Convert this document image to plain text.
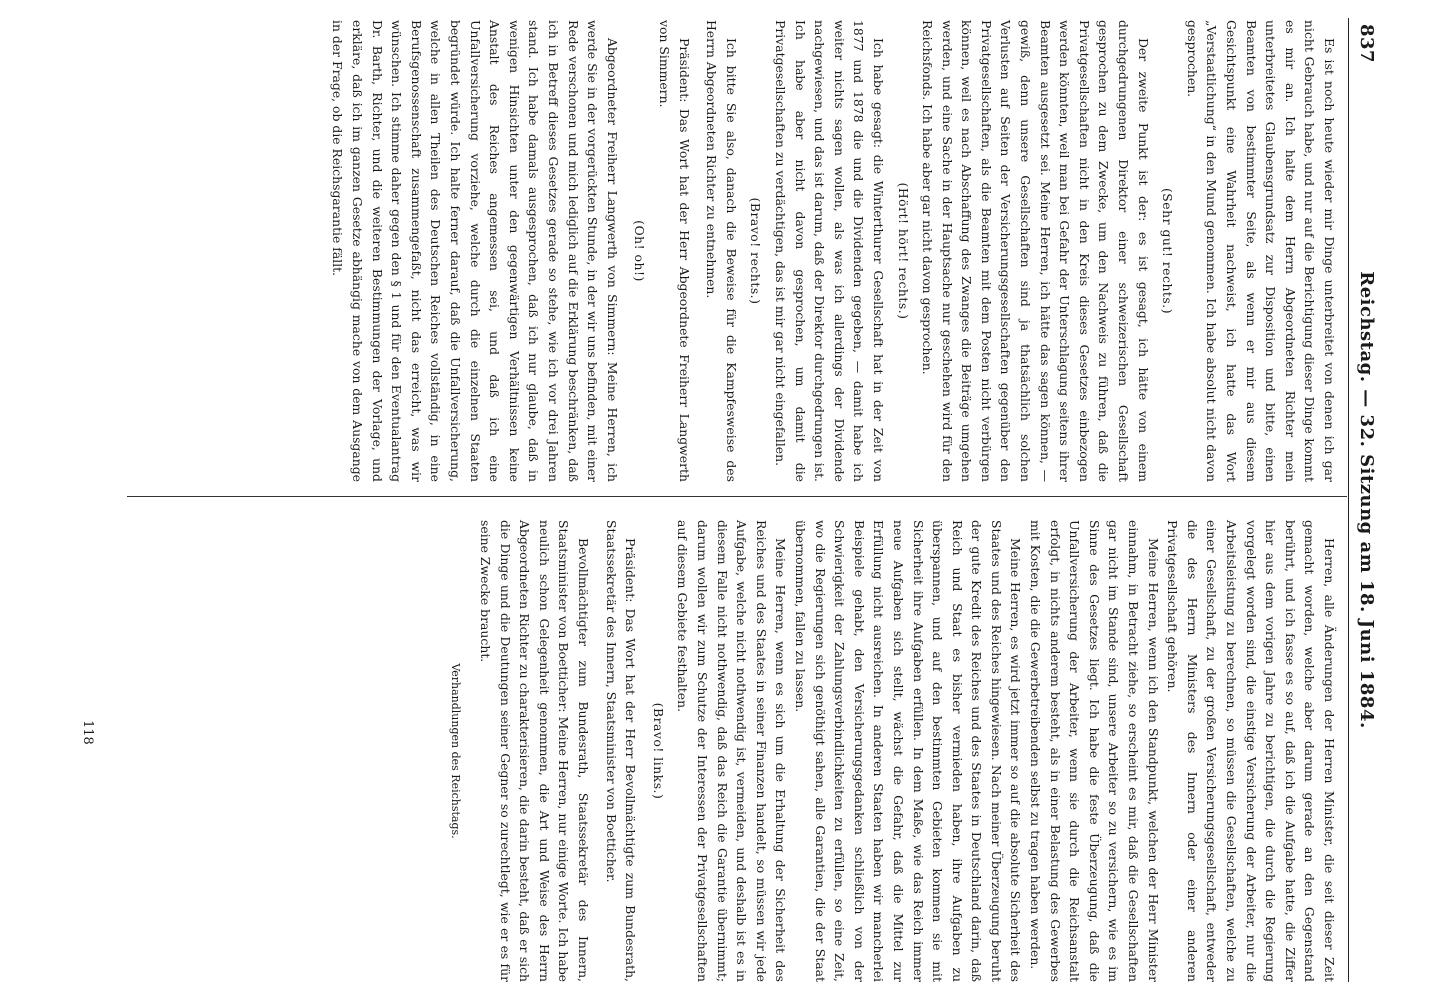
837
Reichstag. — 32. Sitzung am 18. Juni 1884.

Es ist noch heute wieder mir Dinge unterbreitet von denen ich gar nicht Gebrauch habe, und nur auf die Berichtigung dieser Dinge kommt es mir an. Ich halte dem Herrn Abgeordneten Richter mein unterbreitetes Glaubensgrundsatz zur Disposition und bitte, einen Beamten von bestimmter Seite, als wenn er mir aus diesem Gesichtspunkt eine Wahrheit nachweist, ich hatte das Wort „Verstaatlichung“ in den Mund genommen. Ich habe absolut nicht davon gesprochen.

(Sehr gut! rechts.)

Der zweite Punkt ist der: es ist gesagt, ich hätte von einem durchgedrungenen Direktor einer schweizerischen Gesellschaft gesprochen zu dem Zwecke, um den Nachweis zu führen, daß die Privatgesellschaften nicht in den Kreis dieses Gesetzes einbezogen werden könnten, weil man bei Gefahr der Unterschlagung seitens ihrer Beamten ausgesetzt sei. Meine Herren, ich hätte das sagen können, — gewiß, denn unsere Gesellschaften sind ja thatsächlich solchen Verlusten auf Seiten der Versicherungsgesellschaften gegenüber den Privatgesellschaften, als die Beamten mit dem Posten nicht verbürgen können, weil es nach Abschaffung des Zwanges die Beiträge umgehen werden, und eine Sache in der Hauptsache nur geschehen wird für den Reichsfonds. Ich habe aber gar nicht davon gesprochen.

(Hört! hört! rechts.)

Ich habe gesagt: die Winterthurer Gesellschaft hat in der Zeit von 1877 und 1878 die und die Dividenden gegeben, — damit habe ich weiter nichts sagen wollen, als was ich allerdings der Dividende nachgewiesen, und das ist darum, daß der Direktor durchgedrungen ist. Ich habe aber nicht davon gesprochen, um damit die Privatgesellschaften zu verdächtigen, das ist mir gar nicht eingefallen.

(Bravo! rechts.)

Ich bitte Sie also, danach die Beweise für die Kampfesweise des Herrn Abgeordneten Richter zu entnehmen.

Präsident: Das Wort hat der Herr Abgeordnete Freiherr Langwerth von Simmern.

(Oh! oh!)

Abgeordneter Freiherr Langwerth von Simmern: Meine Herren, ich werde Sie in der vorgerückten Stunde, in der wir uns befinden, mit einer Rede verschonen und mich lediglich auf die Erklärung beschränken, daß ich in Betreff dieses Gesetzes gerade so stehe, wie ich vor drei Jahren stand. Ich habe damals ausgesprochen, daß ich nur glaube, daß in wenigen Hinsichten unter den gegenwärtigen Verhältnissen keine Anstalt des Reiches angemessen sei, und daß ich eine Unfallversicherung vorziehe, welche durch die einzelnen Staaten begründet würde. Ich halte ferner darauf, daß die Unfallversicherung, welche in allen Theilen des Deutschen Reiches vollständig, in eine Berufsgenossenschaft zusammengefaßt, nicht das erreicht, was wir wünschen. Ich stimme daher gegen den § 1 und für den Eventualantrag Dr. Barth, Richter, und die weiteren Bestimmungen der Vorlage, und erkläre, daß ich im ganzen Gesetze abhängig mache von dem Ausgange in der Frage, ob die Reichsgarantie fällt.

Herren, alle Änderungen der Herren Minister, die seit dieser Zeit gemacht worden, welche aber darum gerade an den Gegenstand berührt, und ich fasse es so auf, daß ich die Aufgabe hatte, die Ziffer hier aus dem vorigen Jahre zu berichtigen, die durch die Regierung vorgelegt worden sind, die einstige Versicherung der Arbeiter, nur die Arbeitsleistung zu berechnen, so müssen die Gesellschaften, welche zu einer Gesellschaft, zu der großen Versicherungsgesellschaft, entweder die des Herrn Ministers des Innern oder einer anderen Privatgesellschaft gehören.

Meine Herren, wenn ich den Standpunkt, welchen der Herr Minister einnahm, in Betracht ziehe, so erscheint es mir, daß die Gesellschaften gar nicht im Stande sind, unsere Arbeiter so zu versichern, wie es im Sinne des Gesetzes liegt. Ich habe die feste Überzeugung, daß die Unfallversicherung der Arbeiter, wenn sie durch die Reichsanstalt erfolgt, in nichts anderem besteht, als in einer Belastung des Gewerbes mit Kosten, die die Gewerbetreibenden selbst zu tragen haben werden.

Meine Herren, es wird jetzt immer so auf die absolute Sicherheit des Staates und des Reiches hingewiesen. Nach meiner Überzeugung beruht der gute Kredit des Reiches und des Staates in Deutschland darin, daß Reich und Staat es bisher vermieden haben, ihre Aufgaben zu überspannen, und auf den bestimmten Gebieten kommen sie mit Sicherheit ihre Aufgaben erfüllen. In dem Maße, wie das Reich immer neue Aufgaben sich stellt, wächst die Gefahr, daß die Mittel zur Erfüllung nicht ausreichen. In anderen Staaten haben wir mancherlei Beispiele gehabt, den Versicherungsgedanken schließlich von der Schwierigkeit der Zahlungsverbindlichkeiten zu erfüllen, so eine Zeit, wo die Regierungen sich genöthigt sahen, alle Garantien, die der Staat übernommen, fallen zu lassen.

Meine Herren, wenn es sich um die Erhaltung der Sicherheit des Reiches und des Staates in seiner Finanzen handelt, so müssen wir jede Aufgabe, welche nicht nothwendig ist, vermeiden, und deshalb ist es in diesem Falle nicht nothwendig, daß das Reich die Garantie übernimmt; darum wollen wir zum Schutze der Interessen der Privatgesellschaften auf diesem Gebiete festhalten.

(Bravo! links.)

Präsident: Das Wort hat der Herr Bevollmächtigte zum Bundesrath, Staatssekretär des Innern, Staatsminister von Boetticher.

Bevollmächtigter zum Bundesrath, Staatssekretär des Innern, Staatsminister von Boetticher: Meine Herren, nur einige Worte. Ich habe neulich schon Gelegenheit genommen, die Art und Weise des Herrn Abgeordneten Richter zu charakterisieren, die darin besteht, daß er sich die Dinge und die Deutungen seiner Gegner so zurechtlegt, wie er es für seine Zwecke braucht.

Verhandlungen des Reichstags.

118
